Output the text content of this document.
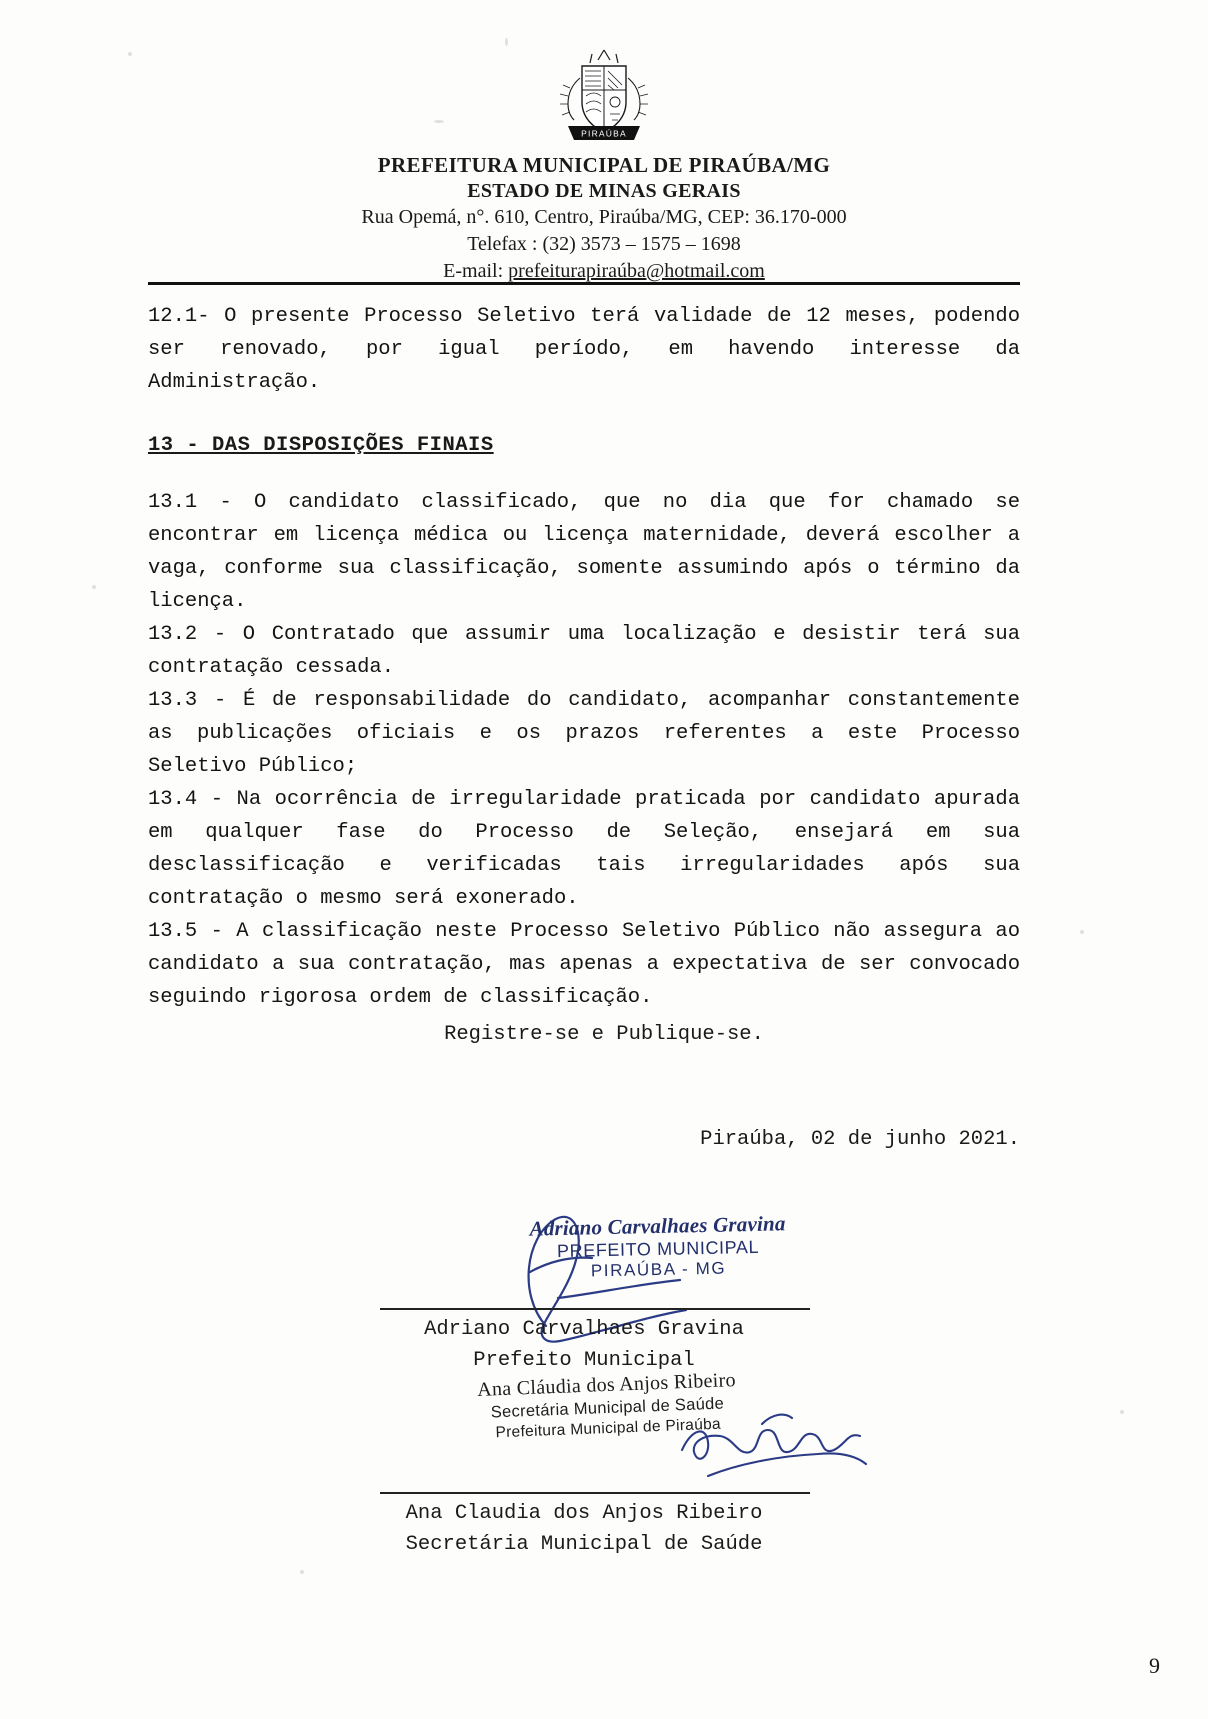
PIRAÚBA
PREFEITURA MUNICIPAL DE PIRAÚBA/MG
ESTADO DE MINAS GERAIS
Rua Opemá, n°. 610, Centro, Piraúba/MG, CEP: 36.170-000
Telefax : (32) 3573 – 1575 – 1698
E-mail: prefeiturapiraúba@hotmail.com

12.1- O presente Processo Seletivo terá validade de 12 meses, podendo ser renovado, por igual período, em havendo interesse da Administração.

13 - DAS DISPOSIÇÕES FINAIS

13.1 - O candidato classificado, que no dia que for chamado se encontrar em licença médica ou licença maternidade, deverá escolher a vaga, conforme sua classificação, somente assumindo após o término da licença.

13.2 - O Contratado que assumir uma localização e desistir terá sua contratação cessada.

13.3 - É de responsabilidade do candidato, acompanhar constantemente as publicações oficiais e os prazos referentes a este Processo Seletivo Público;

13.4 - Na ocorrência de irregularidade praticada por candidato apurada em qualquer fase do Processo de Seleção, ensejará em sua desclassificação e verificadas tais irregularidades após sua contratação o mesmo será exonerado.

13.5 - A classificação neste Processo Seletivo Público não assegura ao candidato a sua contratação, mas apenas a expectativa de ser convocado seguindo rigorosa ordem de classificação.

Registre-se e Publique-se.
Piraúba, 02 de junho 2021.
Adriano Carvalhaes Gravina
PREFEITO MUNICIPAL
PIRAÚBA - MG
Adriano Carvalhaes Gravina
Prefeito Municipal
Ana Cláudia dos Anjos Ribeiro
Secretária Municipal de Saúde
Prefeitura Municipal de Piraúba
Ana Claudia dos Anjos Ribeiro
Secretária Municipal de Saúde
9
